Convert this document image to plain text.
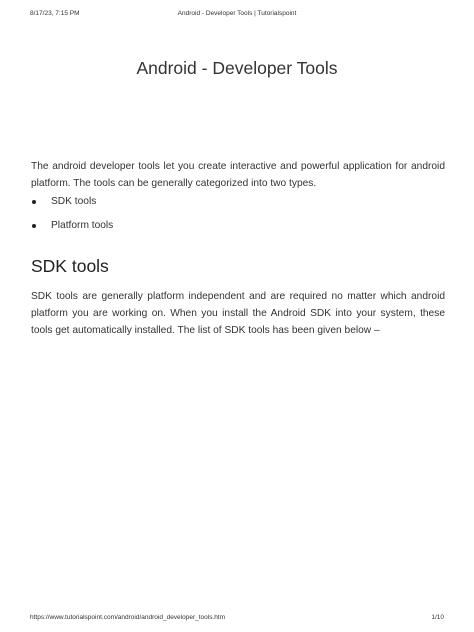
8/17/23, 7:15 PM	Android - Developer Tools | Tutorialspoint
Android - Developer Tools
The android developer tools let you create interactive and powerful application for android platform. The tools can be generally categorized into two types.
SDK tools
Platform tools
SDK tools
SDK tools are generally platform independent and are required no matter which android platform you are working on. When you install the Android SDK into your system, these tools get automatically installed. The list of SDK tools has been given below –
https://www.tutorialspoint.com/android/android_developer_tools.htm	1/10
